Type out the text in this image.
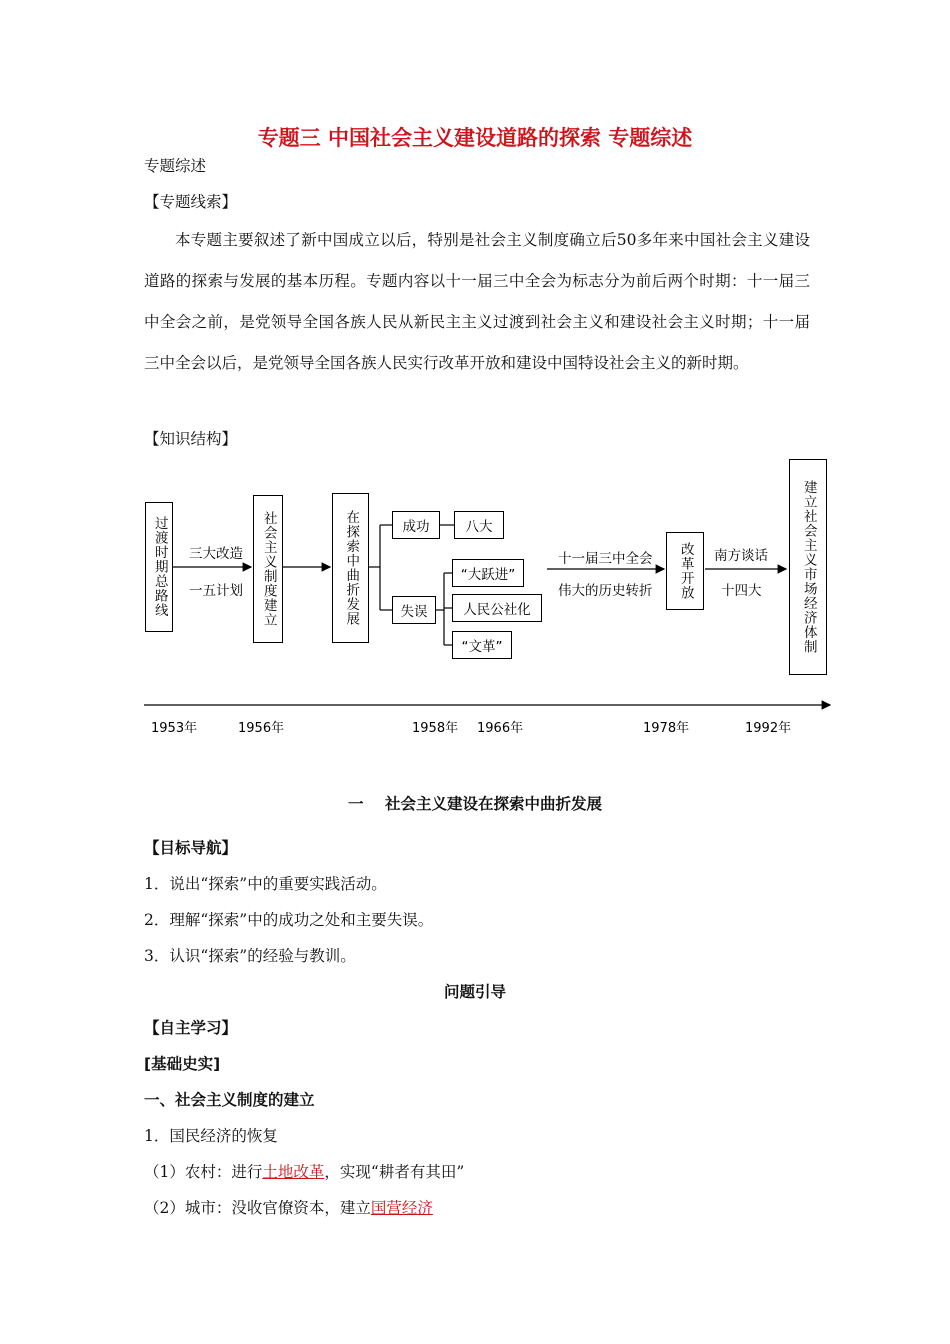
专题三 中国社会主义建设道路的探索 专题综述
专题综述
【专题线索】
本专题主要叙述了新中国成立以后，特别是社会主义制度确立后50多年来中国社会主义建设道路的探索与发展的基本历程。专题内容以十一届三中全会为标志分为前后两个时期：十一届三中全会之前，是党领导全国各族人民从新民主主义过渡到社会主义和建设社会主义时期；十一届三中全会以后，是党领导全国各族人民实行改革开放和建设中国特设社会主义的新时期。
【知识结构】
过渡时期总路线	三大改造
一五计划	社会主义制度建立	在探索中曲折发展	成功	八大
失误
“大跃进”
人民公社化
“文革”
十一届三中全会
伟大的历史转折	改革开放	南方谈话
十四大	建立社会主义市场经济体制
1953年	1956年	1958年 1966年	1978年	1992年
一    社会主义建设在探索中曲折发展
【目标导航】
1．说出“探索”中的重要实践活动。
2．理解“探索”中的成功之处和主要失误。
3．认识“探索”的经验与教训。
问题引导
【自主学习】
[基础史实]
一、社会主义制度的建立
1．国民经济的恢复
（1）农村：进行土地改革，实现“耕者有其田”
（2）城市：没收官僚资本，建立国营经济
